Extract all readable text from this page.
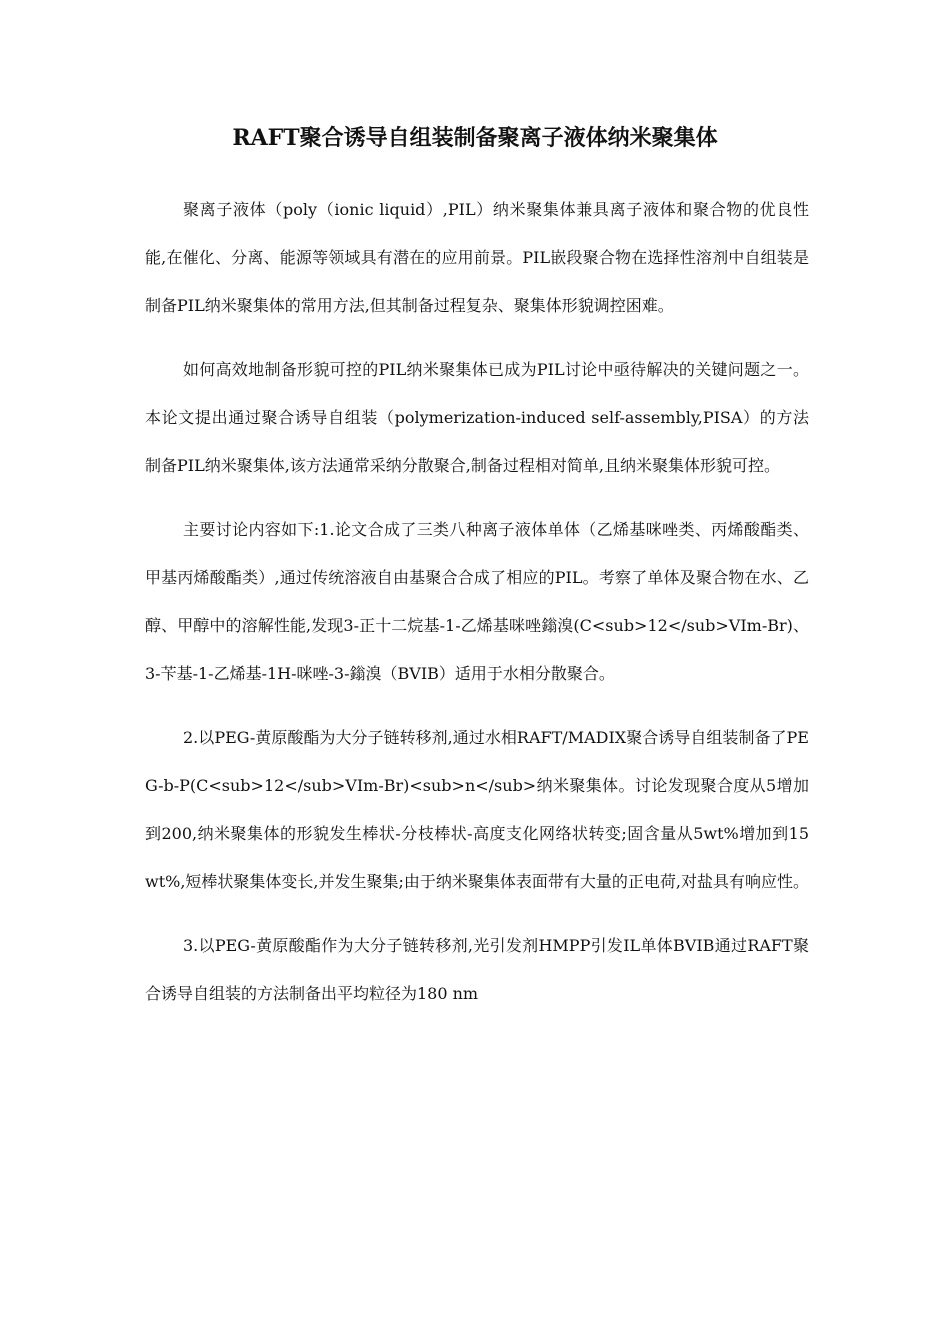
RAFT聚合诱导自组装制备聚离子液体纳米聚集体

聚离子液体（poly（ionic liquid）,PIL）纳米聚集体兼具离子液体和聚合物的优良性能,在催化、分离、能源等领域具有潜在的应用前景。PIL嵌段聚合物在选择性溶剂中自组装是制备PIL纳米聚集体的常用方法,但其制备过程复杂、聚集体形貌调控困难。

如何高效地制备形貌可控的PIL纳米聚集体已成为PIL讨论中亟待解决的关键问题之一。本论文提出通过聚合诱导自组装（polymerization-induced self-assembly,PISA）的方法制备PIL纳米聚集体,该方法通常采纳分散聚合,制备过程相对简单,且纳米聚集体形貌可控。

主要讨论内容如下:1.论文合成了三类八种离子液体单体（乙烯基咪唑类、丙烯酸酯类、甲基丙烯酸酯类）,通过传统溶液自由基聚合合成了相应的PIL。考察了单体及聚合物在水、乙醇、甲醇中的溶解性能,发现3-正十二烷基-1-乙烯基咪唑鎓溴(C<sub>12</sub>VIm-Br)、3-苄基-1-乙烯基-1H-咪唑-3-鎓溴（BVIB）适用于水相分散聚合。

2.以PEG-黄原酸酯为大分子链转移剂,通过水相RAFT/MADIX聚合诱导自组装制备了PEG-b-P(C<sub>12</sub>VIm-Br)<sub>n</sub>纳米聚集体。讨论发现聚合度从5增加到200,纳米聚集体的形貌发生棒状-分枝棒状-高度支化网络状转变;固含量从5wt%增加到15 wt%,短棒状聚集体变长,并发生聚集;由于纳米聚集体表面带有大量的正电荷,对盐具有响应性。

3.以PEG-黄原酸酯作为大分子链转移剂,光引发剂HMPP引发IL单体BVIB通过RAFT聚合诱导自组装的方法制备出平均粒径为180 nm
